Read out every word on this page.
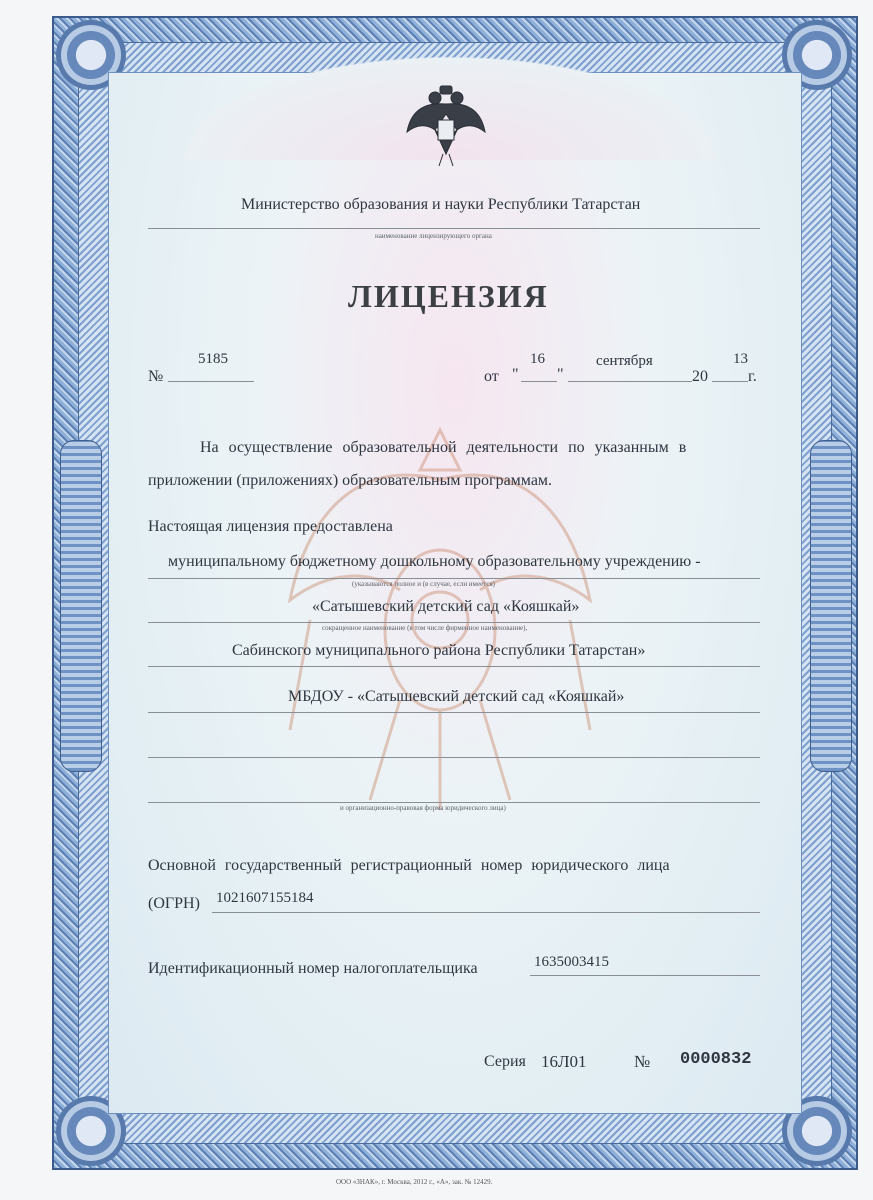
Министерство образования и науки Республики Татарстан
наименование лицензирующего органа
ЛИЦЕНЗИЯ
№
5185
от "
16
"
сентября
20
13
г.
На осуществление образовательной деятельности по указанным в
приложении (приложениях) образовательным программам.
Настоящая лицензия предоставлена
муниципальному бюджетному дошкольному образовательному учреждению -
(указываются полное и (в случае, если имеется)
«Сатышевский детский сад «Кояшкай»
сокращенное наименование (в том числе фирменное наименование),
Сабинского муниципального района Республики Татарстан»
МБДОУ - «Сатышевский детский сад «Кояшкай»
и организационно-правовая форма юридического лица)
Основной государственный регистрационный номер юридического лица
(ОГРН) 1021607155184
Идентификационный номер налогоплательщика	1635003415
Серия 16Л01	№ 0000832
ООО «ЗНАК», г. Москва, 2012 г., «А», зак. № 12429.
